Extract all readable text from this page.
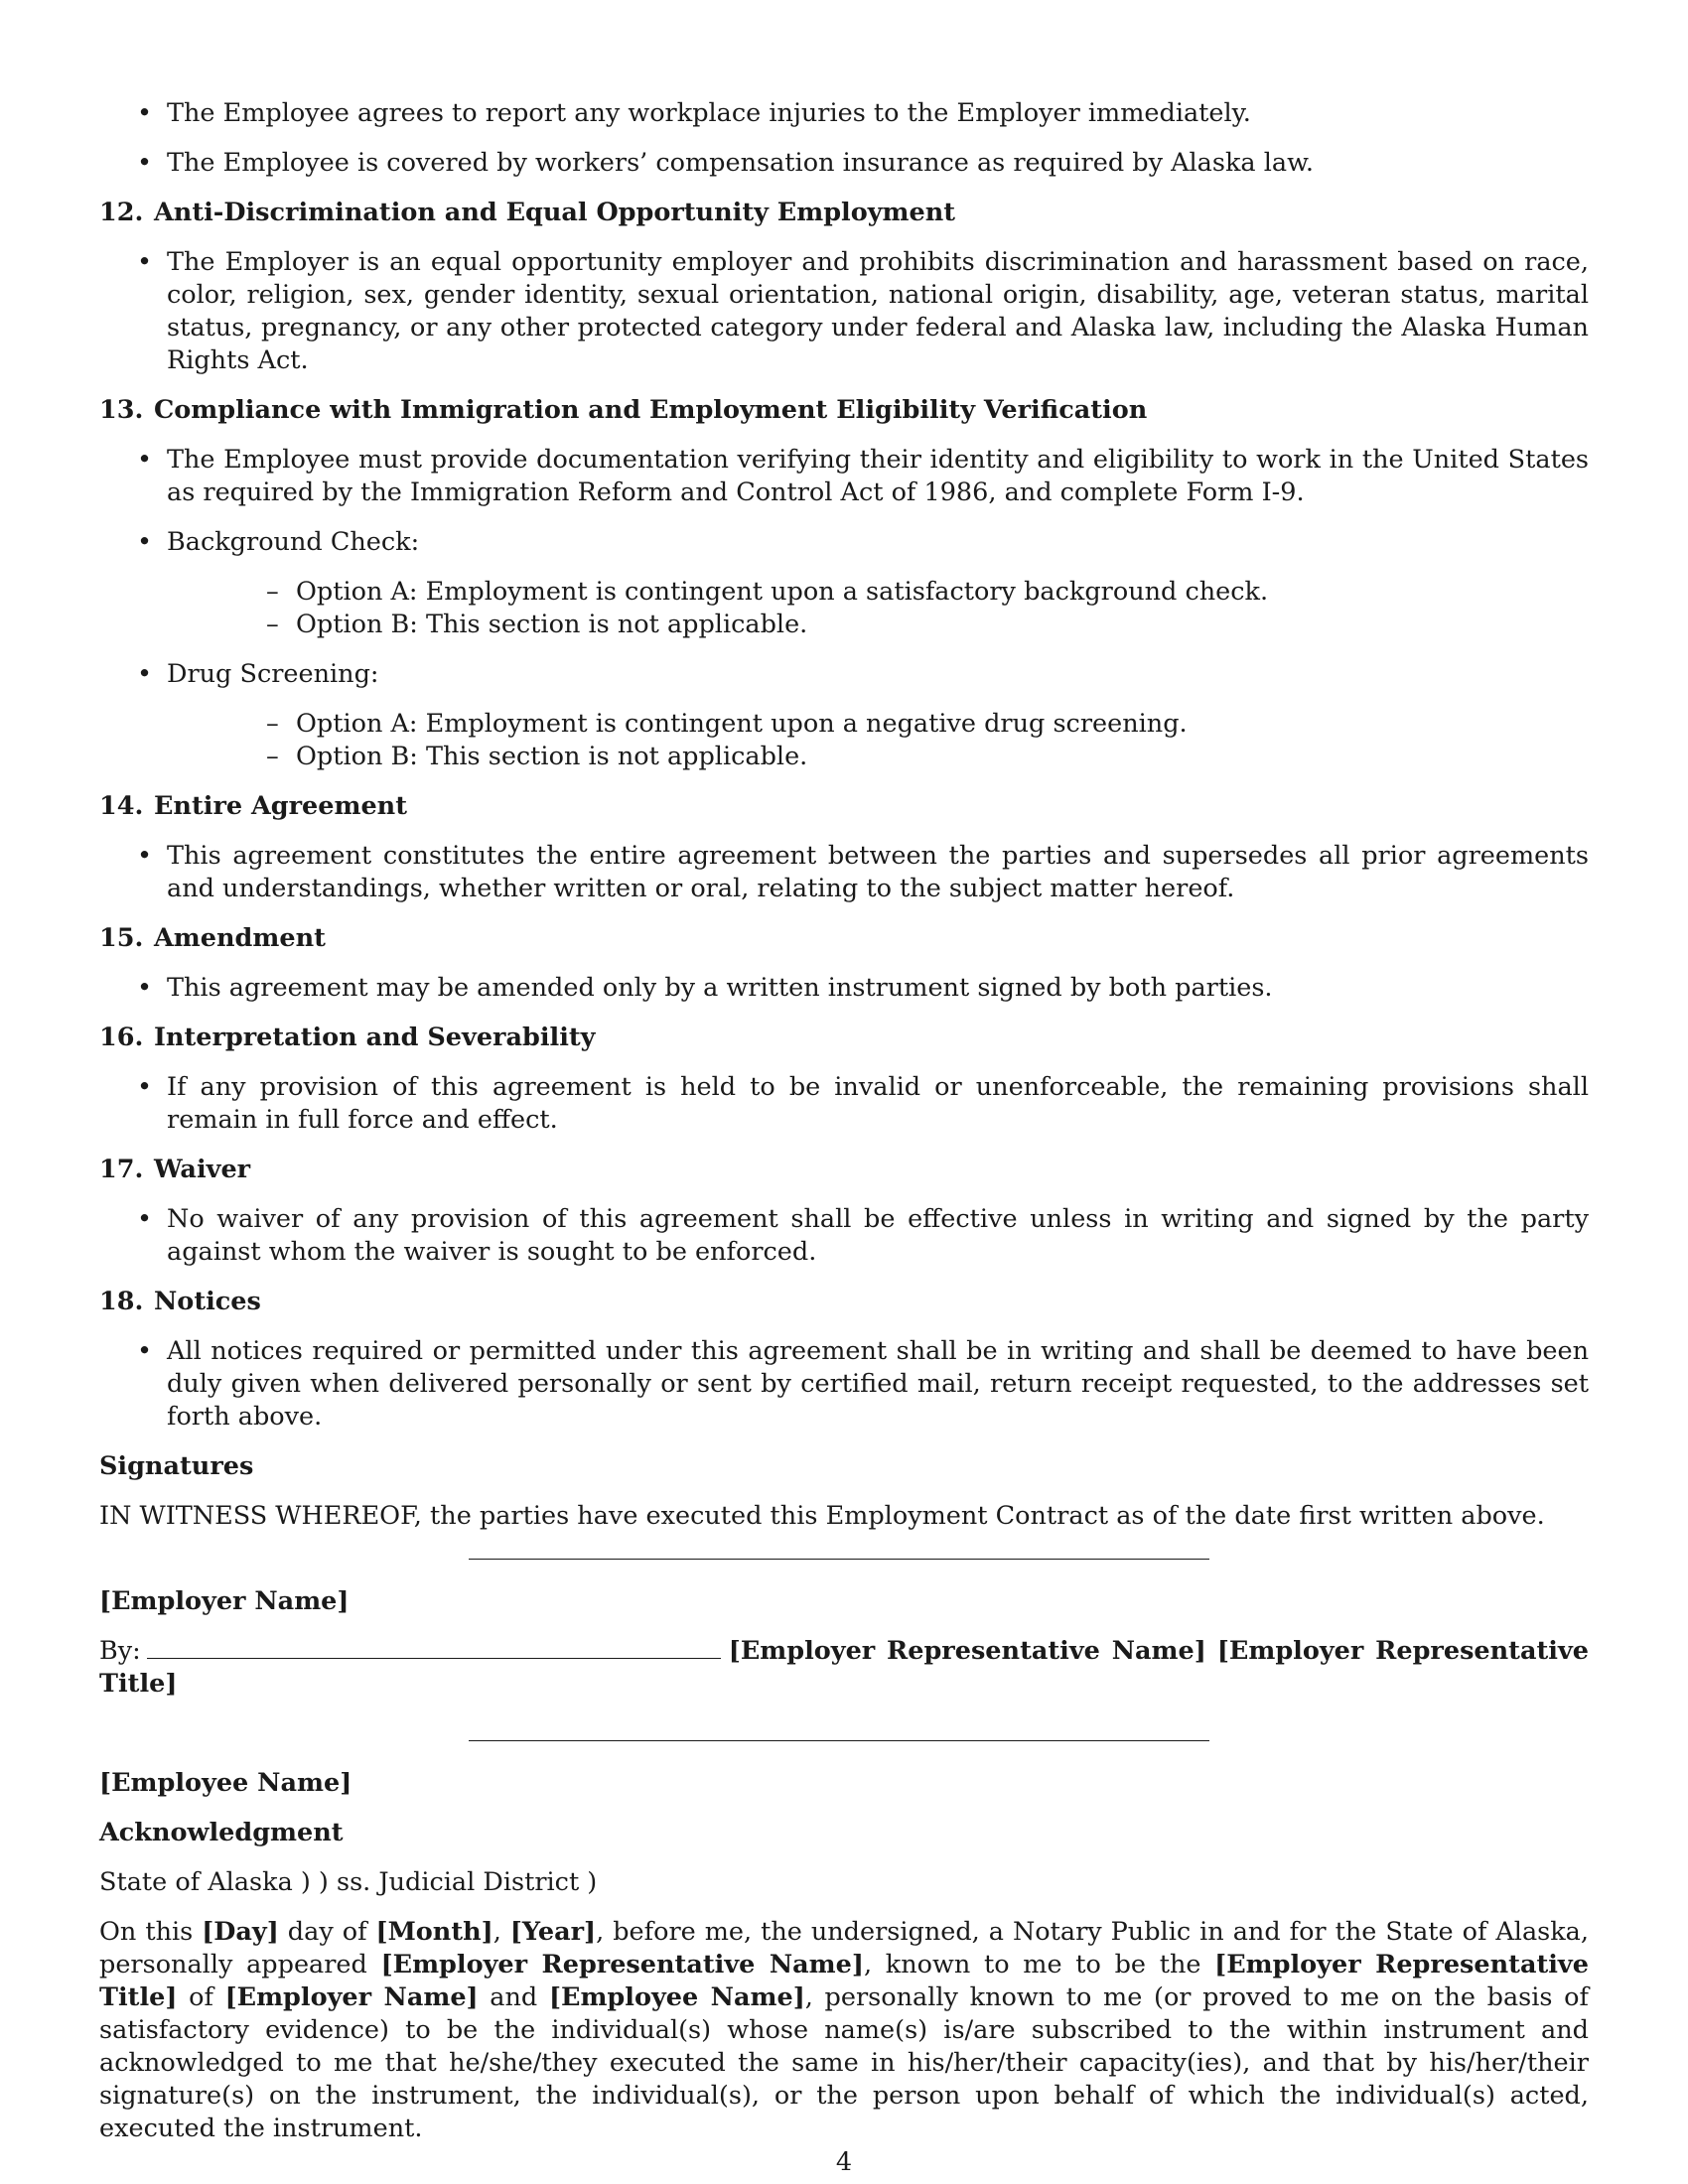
• The Employee agrees to report any workplace injuries to the Employer immediately.
• The Employee is covered by workers’ compensation insurance as required by Alaska law.
12. Anti-Discrimination and Equal Opportunity Employment
• The Employer is an equal opportunity employer and prohibits discrimination and harassment based on race, color, religion, sex, gender identity, sexual orientation, national origin, disability, age, veteran status, marital status, pregnancy, or any other protected category under federal and Alaska law, including the Alaska Human Rights Act.
13. Compliance with Immigration and Employment Eligibility Verification
• The Employee must provide documentation verifying their identity and eligibility to work in the United States as required by the Immigration Reform and Control Act of 1986, and complete Form I-9.
• Background Check:
– Option A: Employment is contingent upon a satisfactory background check.
– Option B: This section is not applicable.
• Drug Screening:
– Option A: Employment is contingent upon a negative drug screening.
– Option B: This section is not applicable.
14. Entire Agreement
• This agreement constitutes the entire agreement between the parties and supersedes all prior agreements and understandings, whether written or oral, relating to the subject matter hereof.
15. Amendment
• This agreement may be amended only by a written instrument signed by both parties.
16. Interpretation and Severability
• If any provision of this agreement is held to be invalid or unenforceable, the remaining provisions shall remain in full force and effect.
17. Waiver
• No waiver of any provision of this agreement shall be effective unless in writing and signed by the party against whom the waiver is sought to be enforced.
18. Notices
• All notices required or permitted under this agreement shall be in writing and shall be deemed to have been duly given when delivered personally or sent by certified mail, return receipt requested, to the addresses set forth above.
Signatures

IN WITNESS WHEREOF, the parties have executed this Employment Contract as of the date first written above.

[Employer Name]

By:	[Employer Representative Name] [Employer Representative Title]

[Employee Name]

Acknowledgment

State of Alaska ) ) ss. Judicial District )

On this [Day] day of [Month], [Year], before me, the undersigned, a Notary Public in and for the State of Alaska, personally appeared [Employer Representative Name], known to me to be the [Employer Representative Title] of [Employer Name] and [Employee Name], personally known to me (or proved to me on the basis of satisfactory evidence) to be the individual(s) whose name(s) is/are subscribed to the within instrument and acknowledged to me that he/she/they executed the same in his/her/their capacity(ies), and that by his/her/their signature(s) on the instrument, the individual(s), or the person upon behalf of which the individual(s) acted, executed the instrument.

4
